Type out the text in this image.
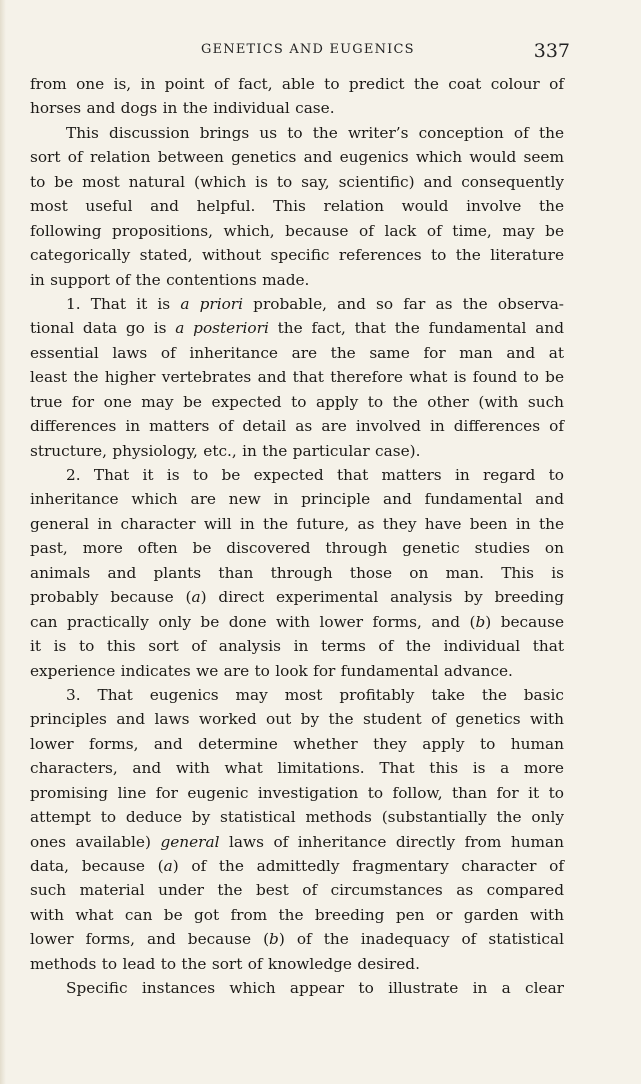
GENETICS AND EUGENICS	337
from one is, in point of fact, able to predict the coat colour of
horses and dogs in the individual case.
This discussion brings us to the writer’s conception of the
sort of relation between genetics and eugenics which would seem
to be most natural (which is to say, scientific) and consequently
most useful and helpful. This relation would involve the
following propositions, which, because of lack of time, may be
categorically stated, without specific references to the literature
in support of the contentions made.
1. That it is a priori probable, and so far as the observa-
tional data go is a posteriori the fact, that the fundamental and
essential laws of inheritance are the same for man and at
least the higher vertebrates and that therefore what is found to be
true for one may be expected to apply to the other (with such
differences in matters of detail as are involved in differences of
structure, physiology, etc., in the particular case).
2. That it is to be expected that matters in regard to
inheritance which are new in principle and fundamental and
general in character will in the future, as they have been in the
past, more often be discovered through genetic studies on
animals and plants than through those on man. This is
probably because (a) direct experimental analysis by breeding
can practically only be done with lower forms, and (b) because
it is to this sort of analysis in terms of the individual that
experience indicates we are to look for fundamental advance.
3. That eugenics may most profitably take the basic
principles and laws worked out by the student of genetics with
lower forms, and determine whether they apply to human
characters, and with what limitations. That this is a more
promising line for eugenic investigation to follow, than for it to
attempt to deduce by statistical methods (substantially the only
ones available) general laws of inheritance directly from human
data, because (a) of the admittedly fragmentary character of
such material under the best of circumstances as compared
with what can be got from the breeding pen or garden with
lower forms, and because (b) of the inadequacy of statistical
methods to lead to the sort of knowledge desired.
Specific instances which appear to illustrate in a clear
